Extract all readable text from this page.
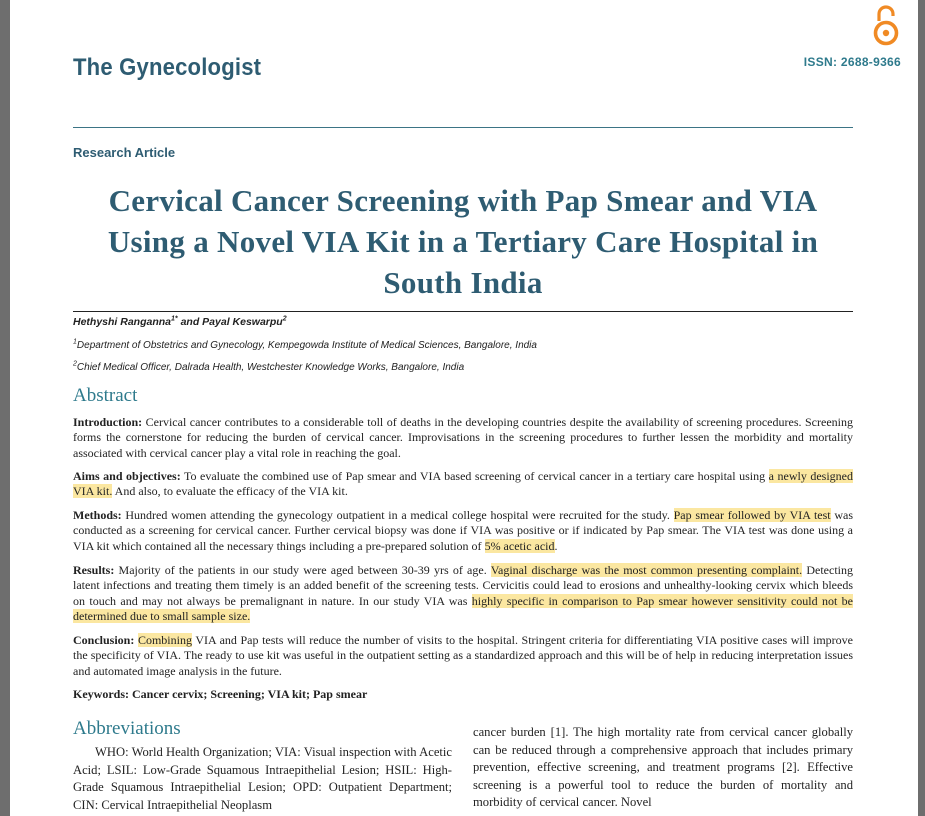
The Gynecologist	ISSN: 2688-9366
Research Article
Cervical Cancer Screening with Pap Smear and VIA Using a Novel VIA Kit in a Tertiary Care Hospital in South India
Hethyshi Ranganna$^{1*}$ and Payal Keswarpu$^2$
$^1$Department of Obstetrics and Gynecology, Kempegowda Institute of Medical Sciences, Bangalore, India
$^2$Chief Medical Officer, Dalrada Health, Westchester Knowledge Works, Bangalore, India
Abstract

Introduction: Cervical cancer contributes to a considerable toll of deaths in the developing countries despite the availability of screening procedures. Screening forms the cornerstone for reducing the burden of cervical cancer. Improvisations in the screening procedures to further lessen the morbidity and mortality associated with cervical cancer play a vital role in reaching the goal.

Aims and objectives: To evaluate the combined use of Pap smear and VIA based screening of cervical cancer in a tertiary care hospital using a newly designed VIA kit. And also, to evaluate the efficacy of the VIA kit.

Methods: Hundred women attending the gynecology outpatient in a medical college hospital were recruited for the study. Pap smear followed by VIA test was conducted as a screening for cervical cancer. Further cervical biopsy was done if VIA was positive or if indicated by Pap smear. The VIA test was done using a VIA kit which contained all the necessary things including a pre-prepared solution of 5% acetic acid.

Results: Majority of the patients in our study were aged between 30-39 yrs of age. Vaginal discharge was the most common presenting complaint. Detecting latent infections and treating them timely is an added benefit of the screening tests. Cervicitis could lead to erosions and unhealthy-looking cervix which bleeds on touch and may not always be premalignant in nature. In our study VIA was highly specific in comparison to Pap smear however sensitivity could not be determined due to small sample size.

Conclusion: Combining VIA and Pap tests will reduce the number of visits to the hospital. Stringent criteria for differentiating VIA positive cases will improve the specificity of VIA. The ready to use kit was useful in the outpatient setting as a standardized approach and this will be of help in reducing interpretation issues and automated image analysis in the future.

Keywords: Cancer cervix; Screening; VIA kit; Pap smear

Abbreviations

WHO: World Health Organization; VIA: Visual inspection with Acetic Acid; LSIL: Low-Grade Squamous Intraepithelial Lesion; HSIL: High-Grade Squamous Intraepithelial Lesion; OPD: Outpatient Department; CIN: Cervical Intraepithelial Neoplasm

cancer burden [1]. The high mortality rate from cervical cancer globally can be reduced through a comprehensive approach that includes primary prevention, effective screening, and treatment programs [2]. Effective screening is a powerful tool to reduce the burden of mortality and morbidity of cervical cancer. Novel
